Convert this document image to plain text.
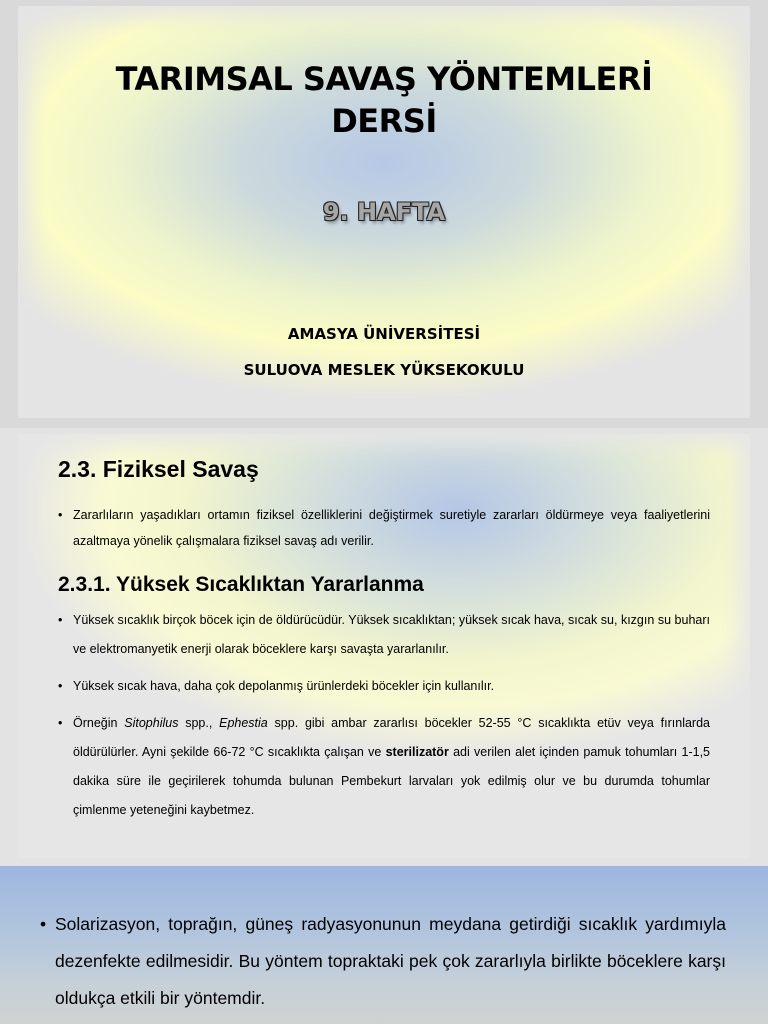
TARIMSAL SAVAŞ YÖNTEMLERİ
DERSİ
9. HAFTA
AMASYA ÜNİVERSİTESİ
SULUOVA MESLEK YÜKSEKOKULU
2.3. Fiziksel Savaş
• Zararlıların yaşadıkları ortamın fiziksel özelliklerini değiştirmek suretiyle zararları öldürmeye veya faaliyetlerini azaltmaya yönelik çalışmalara fiziksel savaş adı verilir.
2.3.1. Yüksek Sıcaklıktan Yararlanma
• Yüksek sıcaklık birçok böcek için de öldürücüdür. Yüksek sıcaklıktan; yüksek sıcak hava, sıcak su, kızgın su buharı ve elektromanyetik enerji olarak böceklere karşı savaşta yararlanılır.
• Yüksek sıcak hava, daha çok depolanmış ürünlerdeki böcekler için kullanılır.
• Örneğin Sitophilus spp., Ephestia spp. gibi ambar zararlısı böcekler 52-55 °C sıcaklıkta etüv veya fırınlarda öldürülürler. Ayni şekilde 66-72 °C sıcaklıkta çalışan ve sterilizatör adi verilen alet içinden pamuk tohumları 1-1,5 dakika süre ile geçirilerek tohumda bulunan Pembekurt larvaları yok edilmiş olur ve bu durumda tohumlar çimlenme yeteneğini kaybetmez.
• Solarizasyon, toprağın, güneş radyasyonunun meydana getirdiği sıcaklık yardımıyla dezenfekte edilmesidir. Bu yöntem topraktaki pek çok zararlıyla birlikte böceklere karşı oldukça etkili bir yöntemdir.
